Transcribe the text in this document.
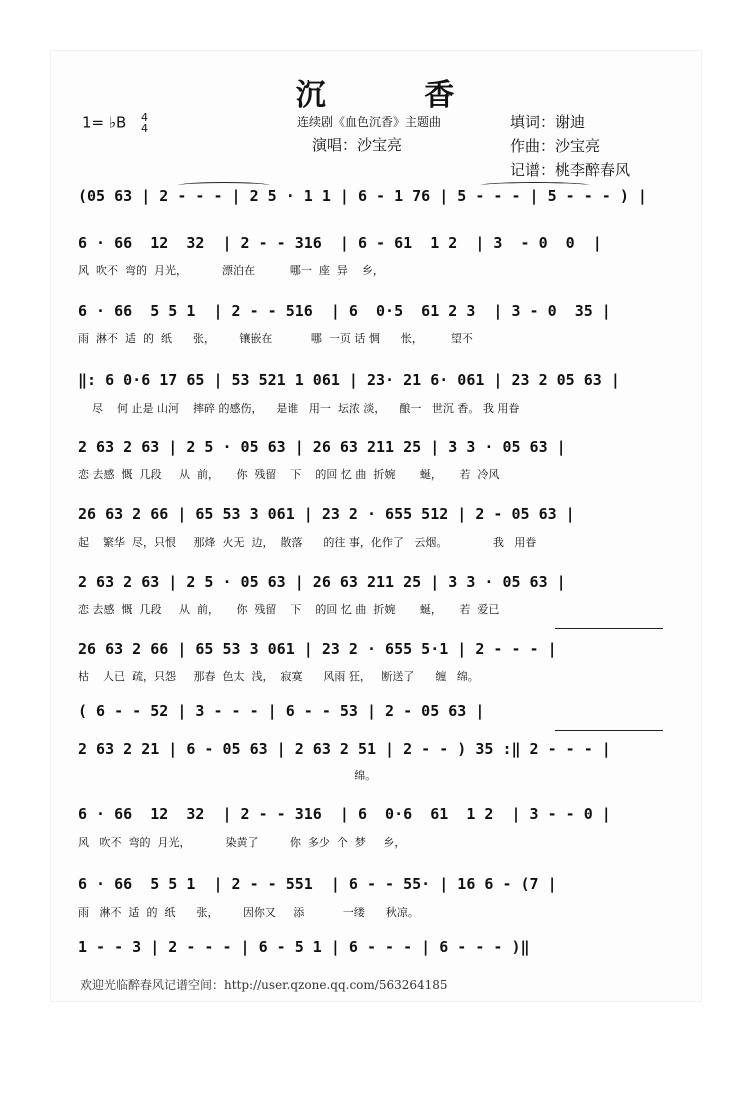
沉 香
1= ♭B 4
4	连续剧《血色沉香》主题曲
演唱：沙宝亮
填词：谢迪
作曲：沙宝亮
记谱：桃李醉春风
(05 63 | 2 - - - | 2 5 · 1 1 | 6 - 1 76 | 5 - - - | 5 - - - ) |
6 · 66  12  32  | 2 - - 316  | 6 - 61  1 2  | 3  - 0  0  |
风  吹不  弯的  月光，          漂泊在          哪一  座  异    乡，
6 · 66  5 5 1  | 2 - - 516  | 6  0·5  61 2 3  | 3 - 0  35 |
雨  淋不  适  的  纸      张，       镶嵌在           哪  一页 话 惆      怅，        望不
‖: 6 0·6 17 65 | 53 521 1 061 | 23· 21 6· 061 | 23 2 05 63 |
尽    何 止是 山河    摔碎 的感伤，    是谁   用一  坛浓 淡，    酿一   世沉 香。 我 用眷
2 63 2 63 | 2 5 · 05 63 | 26 63 211 25 | 3 3 · 05 63 |
恋 去感  慨  几段     从  前，     你  残留    下    的回 忆 曲  折婉       蜒，     若  冷风
26 63 2 66 | 65 53 3 061 | 23 2 · 655 512 | 2 - 05 63 |
起    繁华  尽，只恨     那烽  火无  边，  散落      的往 事，化作了   云烟。             我   用眷
2 63 2 63 | 2 5 · 05 63 | 26 63 211 25 | 3 3 · 05 63 |
恋 去感  慨  几段     从  前，     你  残留    下    的回 忆 曲  折婉       蜒，     若  爱已
26 63 2 66 | 65 53 3 061 | 23 2 · 655 5·1 | 2 - - - |
枯    人已  疏，只怨     那春  色太  浅，  寂寞      风雨 狂，   断送了      缠   绵。
( 6 - - 52 | 3 - - - | 6 - - 53 | 2 - 05 63 |
2 63 2 21 | 6 - 05 63 | 2 63 2 51 | 2 - - ) 35 :‖ 2 - - - |
绵。
6 · 66  12  32  | 2 - - 316  | 6  0·6  61  1 2  | 3 - - 0 |
风   吹不  弯的  月光，          染黄了         你  多少  个  梦     乡，
6 · 66  5 5 1  | 2 - - 551  | 6 - - 55· | 16 6 - (7 |
雨   淋不  适  的  纸      张，       因你又     添           一缕      秋凉。
1 - - 3 | 2 - - - | 6 - 5 1 | 6 - - - | 6 - - - )‖
欢迎光临醉春风记谱空间：http://user.qzone.qq.com/563264185
